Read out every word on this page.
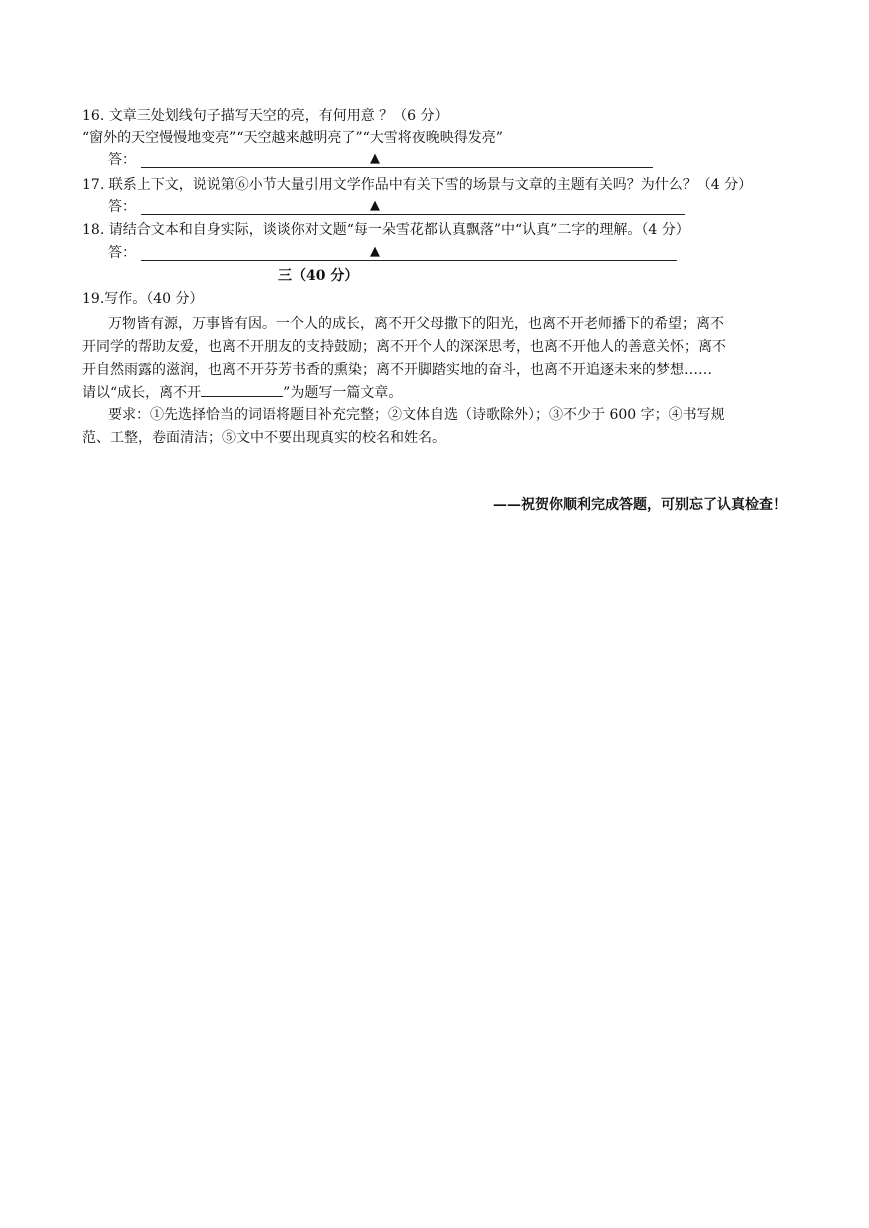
16. 文章三处划线句子描写天空的亮，有何用意 ？（6 分）
“窗外的天空慢慢地变亮”“天空越来越明亮了”“大雪将夜晚映得发亮”
答：	▲
17. 联系上下文，说说第⑥小节大量引用文学作品中有关下雪的场景与文章的主题有关吗？为什么？（4 分）
答：	▲
18. 请结合文本和自身实际，谈谈你对文题“每一朵雪花都认真飘落”中“认真”二字的理解。（4 分）
答：	▲
三（40 分）
19.写作。（40 分）
万物皆有源，万事皆有因。一个人的成长，离不开父母撒下的阳光，也离不开老师播下的希望；离不
开同学的帮助友爱，也离不开朋友的支持鼓励；离不开个人的深深思考，也离不开他人的善意关怀；离不
开自然雨露的滋润，也离不开芬芳书香的熏染；离不开脚踏实地的奋斗，也离不开追逐未来的梦想……
请以“成长，离不开	”为题写一篇文章。
要求：①先选择恰当的词语将题目补充完整；②文体自选（诗歌除外）；③不少于 600 字；④书写规
范、工整，卷面清洁；⑤文中不要出现真实的校名和姓名。
——祝贺你顺利完成答题，可别忘了认真检查！
